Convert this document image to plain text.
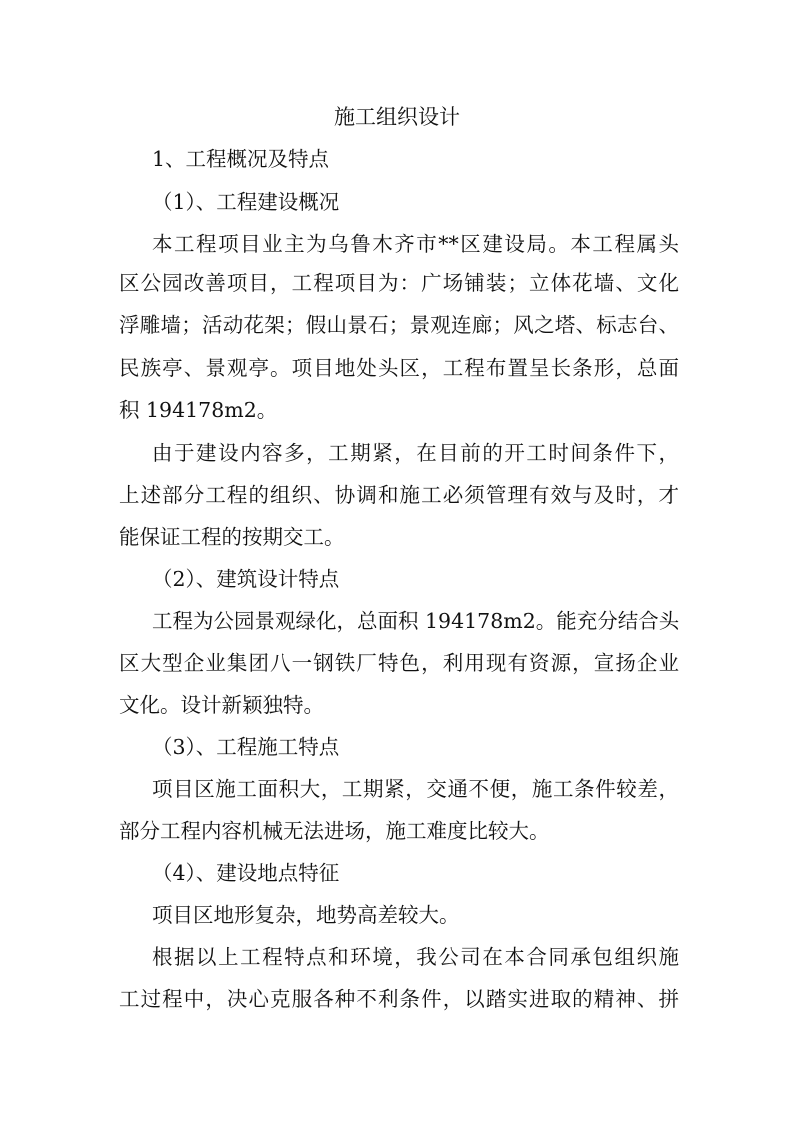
施工组织设计
1、工程概况及特点
（1）、工程建设概况
本工程项目业主为乌鲁木齐市**区建设局。本工程属头
区公园改善项目，工程项目为：广场铺装；立体花墙、文化
浮雕墙；活动花架；假山景石；景观连廊；风之塔、标志台、
民族亭、景观亭。项目地处头区，工程布置呈长条形，总面
积 194178m2。
由于建设内容多，工期紧，在目前的开工时间条件下，
上述部分工程的组织、协调和施工必须管理有效与及时，才
能保证工程的按期交工。
（2）、建筑设计特点
工程为公园景观绿化，总面积 194178m2。能充分结合头
区大型企业集团八一钢铁厂特色，利用现有资源，宣扬企业
文化。设计新颖独特。
（3）、工程施工特点
项目区施工面积大，工期紧，交通不便，施工条件较差，
部分工程内容机械无法进场，施工难度比较大。
（4）、建设地点特征
项目区地形复杂，地势高差较大。
根据以上工程特点和环境，我公司在本合同承包组织施
工过程中，决心克服各种不利条件，以踏实进取的精神、拼
